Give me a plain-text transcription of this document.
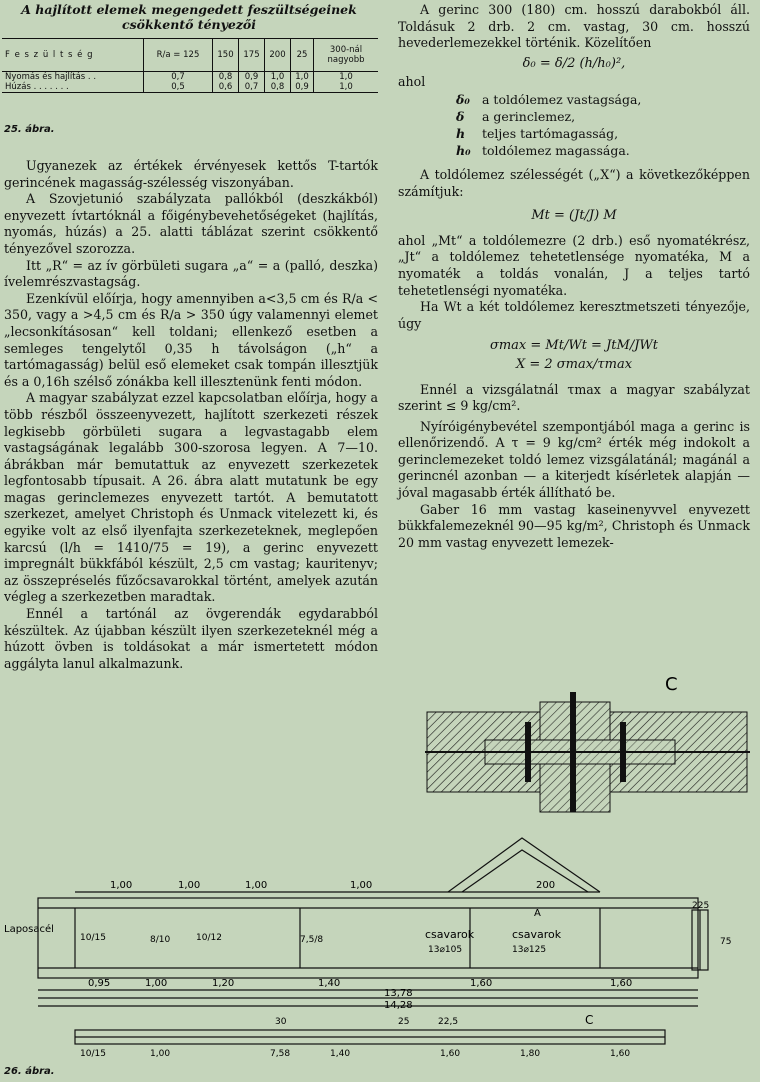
A hajlított elemek megengedett feszültségeinek csökkentő tényezői
F e s z ü l t s é g	R/a = 125	150	175	200	25	300-nál nagyobb
Nyomás és hajlítás . .	0,7	0,8	0,9	1,0	1,0	1,0
Húzás . . . . . . .	0,5	0,6	0,7	0,8	0,9	1,0
25. ábra.

Ugyanezek az értékek érvényesek kettős T-tartók gerincének magasság-szélesség viszonyában.

A Szovjetunió szabályzata pallókból (deszkákból) enyvezett ívtartóknál a főigénybevehetőségeket (hajlítás, nyomás, húzás) a 25. alatti táblázat szerint csökkentő tényezővel szorozza.

Itt „R“ = az ív görbületi sugara „a“ = a (palló, deszka) ívelemrészvastagság.

Ezenkívül előírja, hogy amennyiben a<3,5 cm és R/a < 350, vagy a >4,5 cm és R/a > 350 úgy valamennyi elemet „lecsonkításosan“ kell toldani; ellenkező esetben a semleges tengelytől 0,35 h távolságon („h“ a tartómagasság) belül eső elemeket csak tompán illesztjük és a 0,16h szélső zónákba kell illesztenünk fenti módon.

A magyar szabályzat ezzel kapcsolatban előírja, hogy a több részből összeenyvezett, hajlított szerkezeti részek legkisebb görbületi sugara a legvastagabb elem vastagságának legalább 300-szorosa legyen. A 7—10. ábrákban már bemutattuk az enyvezett szerkezetek legfontosabb típusait. A 26. ábra alatt mutatunk be egy magas gerinclemezes enyvezett tartót. A bemutatott szerkezet, amelyet Christoph és Unmack vitelezett ki, és egyike volt az első ilyenfajta szerkezeteknek, meglepően karcsú (l/h = 1410/75 = 19), a gerinc enyvezett impregnált bükkfából készült, 2,5 cm vastag; kauritenyv; az összepréselés fűzőcsavarokkal történt, amelyek azután végleg a szerkezetben maradtak.

Ennél a tartónál az övgerendák egydarabból készültek. Az újabban készült ilyen szerkezeteknél még a húzott övben is toldásokat a már ismertetett módon aggályta lanul alkalmazunk.

A gerinc 300 (180) cm. hosszú darabokból áll. Toldásuk 2 drb. 2 cm. vastag, 30 cm. hosszú hevederlemezekkel történik. Közelítően

δ₀ = δ/2 (h/h₀)²,

ahol

δ₀ a toldólemez vastagsága,
δ a gerinclemez,
h teljes tartómagasság,
h₀ toldólemez magassága.

A toldólemez szélességét („X“) a következőképpen számítjuk:

Mt = (Jt/J) M

ahol „Mt“ a toldólemezre (2 drb.) eső nyomatékrész, „Jt“ a toldólemez tehetetlensége nyomatéka, M a nyomaték a toldás vonalán, J a teljes tartó tehetetlenségi nyomatéka.

Ha Wt a két toldólemez keresztmetszeti tényezője, úgy

σmax = Mt/Wt = JtM/JWt
X = 2 σmax/τmax

Ennél a vizsgálatnál τmax a magyar szabályzat szerint ≤ 9 kg/cm².

Nyíróigénybevétel szempontjából maga a gerinc is ellenőrizendő. A τ = 9 kg/cm² érték még indokolt a gerinclemezeket toldó lemez vizsgálatánál; magánál a gerincnél azonban — a kiterjedt kísérletek alapján — jóval magasabb érték állítható be.

Gaber 16 mm vastag kaseinenyvvel enyvezett bükkfalemezeknél 90—95 kg/m², Christoph és Unmack 20 mm vastag enyvezett lemezek-

C
1,00	1,00	1,00	1,00	200
Laposacél
10/15	8/10	10/12	7,5/8	csavarok
13⌀105
csavarok
13⌀125
A
0,95	1,00	1,20	1,40	1,60	1,60
13,78
14,28
75
225
30	25	22,5	C
10/15	1,00	7,58	1,40	1,60	1,80	1,60
26. ábra.
